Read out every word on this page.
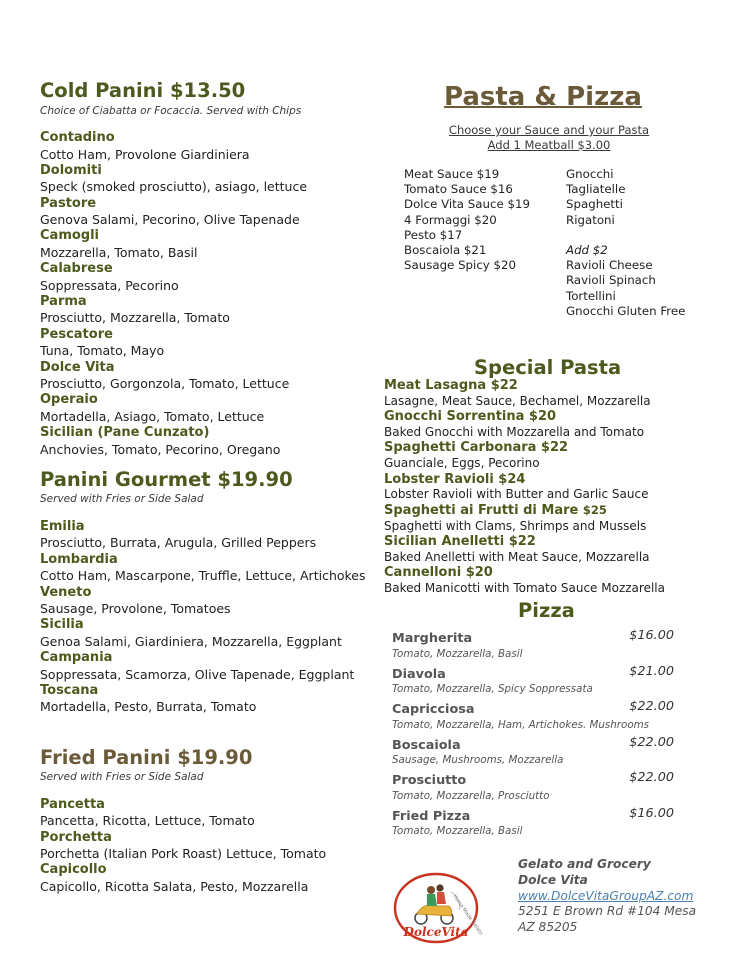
Cold Panini $13.50
Choice of Ciabatta or Focaccia. Served with Chips
Contadino
Cotto Ham, Provolone Giardiniera
Dolomiti
Speck (smoked prosciutto), asiago, lettuce
Pastore
Genova Salami, Pecorino, Olive Tapenade
Camogli
Mozzarella, Tomato, Basil
Calabrese
Soppressata, Pecorino
Parma
Prosciutto, Mozzarella, Tomato
Pescatore
Tuna, Tomato, Mayo
Dolce Vita
Prosciutto, Gorgonzola, Tomato, Lettuce
Operaio
Mortadella, Asiago, Tomato, Lettuce
Sicilian (Pane Cunzato)
Anchovies, Tomato, Pecorino, Oregano
Panini Gourmet $19.90
Served with Fries or Side Salad
Emilia
Prosciutto, Burrata, Arugula, Grilled Peppers
Lombardia
Cotto Ham, Mascarpone, Truffle, Lettuce, Artichokes
Veneto
Sausage, Provolone, Tomatoes
Sicilia
Genoa Salami, Giardiniera, Mozzarella, Eggplant
Campania
Soppressata, Scamorza, Olive Tapenade, Eggplant
Toscana
Mortadella, Pesto, Burrata, Tomato
Fried Panini $19.90
Served with Fries or Side Salad
Pancetta
Pancetta, Ricotta, Lettuce, Tomato
Porchetta
Porchetta (Italian Pork Roast) Lettuce, Tomato
Capicollo
Capicollo, Ricotta Salata, Pesto, Mozzarella
Pasta & Pizza
Choose your Sauce and your Pasta
Add 1 Meatball $3.00
Meat Sauce $19
Tomato Sauce $16
Dolce Vita Sauce $19
4 Formaggi $20
Pesto $17
Boscaiola $21
Sausage Spicy $20
Gnocchi
Tagliatelle
Spaghetti
Rigatoni
Add $2
Ravioli Cheese
Ravioli Spinach
Tortellini
Gnocchi Gluten Free
Special Pasta
Meat Lasagna $22
Lasagne, Meat Sauce, Bechamel, Mozzarella
Gnocchi Sorrentina $20
Baked Gnocchi with Mozzarella and Tomato
Spaghetti Carbonara $22
Guanciale, Eggs, Pecorino
Lobster Ravioli $24
Lobster Ravioli with Butter and Garlic Sauce
Spaghetti ai Frutti di Mare $25
Spaghetti with Clams, Shrimps and Mussels
Sicilian Anelletti $22
Baked Anelletti with Meat Sauce, Mozzarella
Cannelloni $20
Baked Manicotti with Tomato Sauce Mozzarella
Pizza
Margherita	$16.00
Tomato, Mozzarella, Basil
Diavola	$21.00
Tomato, Mozzarella, Spicy Soppressata
Capricciosa	$22.00
Tomato, Mozzarella, Ham, Artichokes. Mushrooms
Boscaiola	$22.00
Sausage, Mushrooms, Mozzarella
Prosciutto	$22.00
Tomato, Mozzarella, Prosciutto
Fried Pizza	$16.00
Tomato, Mozzarella, Basil
Home Made Gelato
DolceVita
Gelato and Grocery
Dolce Vita
www.DolceVitaGroupAZ.com
5251 E Brown Rd #104 Mesa
AZ 85205
